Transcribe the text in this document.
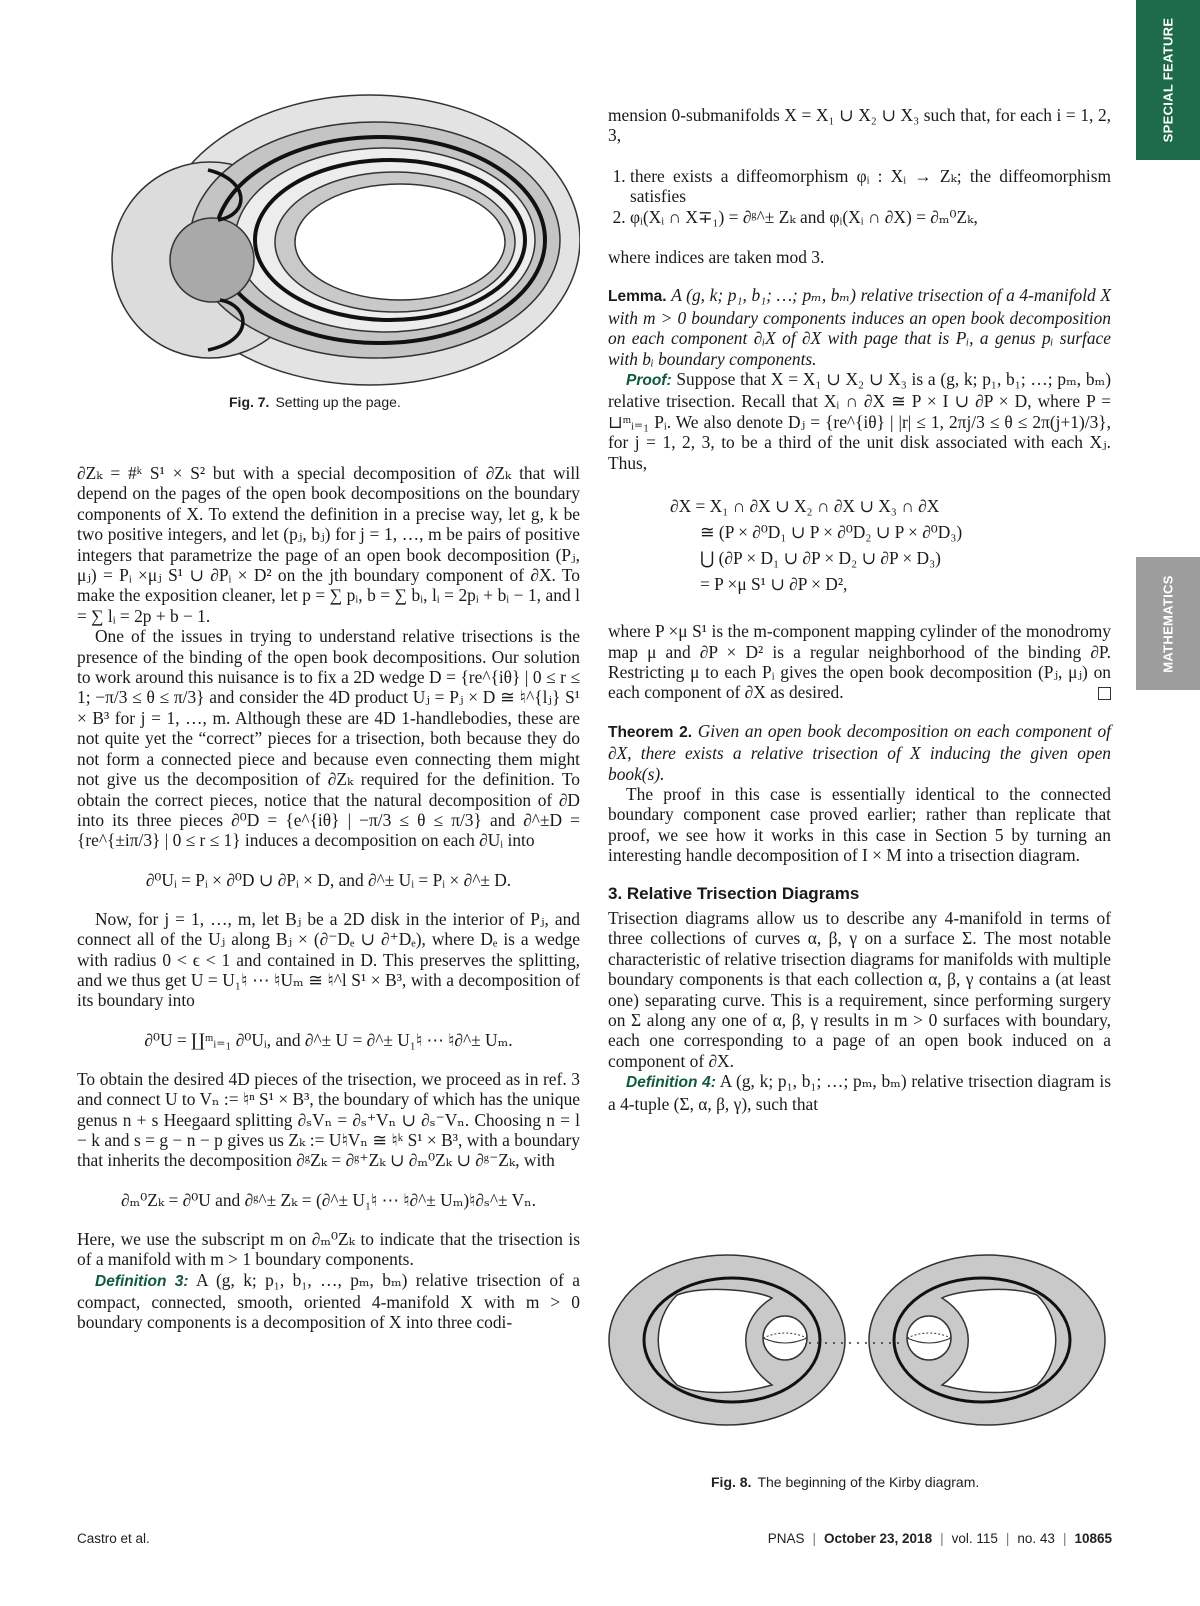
SPECIAL FEATURE
MATHEMATICS
Fig. 7. Setting up the page.

∂Zₖ = #ᵏ S¹ × S² but with a special decomposition of ∂Zₖ that will depend on the pages of the open book decompositions on the boundary components of X. To extend the definition in a precise way, let g, k be two positive integers, and let (pⱼ, bⱼ) for j = 1, …, m be pairs of positive integers that parametrize the page of an open book decomposition (Pⱼ, μⱼ) = Pᵢ ×μⱼ S¹ ∪ ∂Pᵢ × D² on the jth boundary component of ∂X. To make the exposition cleaner, let p = ∑ pᵢ, b = ∑ bᵢ, lᵢ = 2pᵢ + bᵢ − 1, and l = ∑ lᵢ = 2p + b − 1.

One of the issues in trying to understand relative trisections is the presence of the binding of the open book decompositions. Our solution to work around this nuisance is to fix a 2D wedge D = {re^{iθ} | 0 ≤ r ≤ 1; −π/3 ≤ θ ≤ π/3} and consider the 4D product Uⱼ = Pⱼ × D ≅ ♮^{lⱼ} S¹ × B³ for j = 1, …, m. Although these are 4D 1-handlebodies, these are not quite yet the “correct” pieces for a trisection, both because they do not form a connected piece and because even connecting them might not give us the decomposition of ∂Zₖ required for the definition. To obtain the correct pieces, notice that the natural decomposition of ∂D into its three pieces ∂⁰D = {e^{iθ} | −π/3 ≤ θ ≤ π/3} and ∂^±D = {re^{±iπ/3} | 0 ≤ r ≤ 1} induces a decomposition on each ∂Uᵢ into

∂⁰Uᵢ = Pᵢ × ∂⁰D ∪ ∂Pᵢ × D, and ∂^± Uᵢ = Pᵢ × ∂^± D.

Now, for j = 1, …, m, let Bⱼ be a 2D disk in the interior of Pⱼ, and connect all of the Uⱼ along Bⱼ × (∂⁻Dₑ ∪ ∂⁺Dₑ), where Dₑ is a wedge with radius 0 < ϵ < 1 and contained in D. This preserves the splitting, and we thus get U = U₁♮ ⋯ ♮Uₘ ≅ ♮^l S¹ × B³, with a decomposition of its boundary into

∂⁰U = ∐ᵐᵢ₌₁ ∂⁰Uᵢ, and ∂^± U = ∂^± U₁♮ ⋯ ♮∂^± Uₘ.

To obtain the desired 4D pieces of the trisection, we proceed as in ref. 3 and connect U to Vₙ := ♮ⁿ S¹ × B³, the boundary of which has the unique genus n + s Heegaard splitting ∂ₛVₙ = ∂ₛ⁺Vₙ ∪ ∂ₛ⁻Vₙ. Choosing n = l − k and s = g − n − p gives us Zₖ := U♮Vₙ ≅ ♮ᵏ S¹ × B³, with a boundary that inherits the decomposition ∂ᵍZₖ = ∂ᵍ⁺Zₖ ∪ ∂ₘ⁰Zₖ ∪ ∂ᵍ⁻Zₖ, with

∂ₘ⁰Zₖ = ∂⁰U and ∂ᵍ^± Zₖ = (∂^± U₁♮ ⋯ ♮∂^± Uₘ)♮∂ₛ^± Vₙ.

Here, we use the subscript m on ∂ₘ⁰Zₖ to indicate that the trisection is of a manifold with m > 1 boundary components.

Definition 3: A (g, k; p₁, b₁, …, pₘ, bₘ) relative trisection of a compact, connected, smooth, oriented 4-manifold X with m > 0 boundary components is a decomposition of X into three codi-

mension 0-submanifolds X = X₁ ∪ X₂ ∪ X₃ such that, for each i = 1, 2, 3,

1. there exists a diffeomorphism φᵢ : Xᵢ → Zₖ; the diffeomorphism satisfies
2. φᵢ(Xᵢ ∩ X∓₁) = ∂ᵍ^± Zₖ and φᵢ(Xᵢ ∩ ∂X) = ∂ₘ⁰Zₖ,

where indices are taken mod 3.

Lemma. A (g, k; p₁, b₁; …; pₘ, bₘ) relative trisection of a 4-manifold X with m > 0 boundary components induces an open book decomposition on each component ∂ᵢX of ∂X with page that is Pᵢ, a genus pᵢ surface with bᵢ boundary components.

Proof: Suppose that X = X₁ ∪ X₂ ∪ X₃ is a (g, k; p₁, b₁; …; pₘ, bₘ) relative trisection. Recall that Xᵢ ∩ ∂X ≅ P × I ∪ ∂P × D, where P = ⊔ᵐᵢ₌₁ Pᵢ. We also denote Dⱼ = {re^{iθ} | |r| ≤ 1, 2πj/3 ≤ θ ≤ 2π(j+1)/3}, for j = 1, 2, 3, to be a third of the unit disk associated with each Xⱼ. Thus,

∂X = X₁ ∩ ∂X ∪ X₂ ∩ ∂X ∪ X₃ ∩ ∂X
≅ (P × ∂⁰D₁ ∪ P × ∂⁰D₂ ∪ P × ∂⁰D₃)
⋃ (∂P × D₁ ∪ ∂P × D₂ ∪ ∂P × D₃)
= P ×μ S¹ ∪ ∂P × D²,

where P ×μ S¹ is the m-component mapping cylinder of the monodromy map μ and ∂P × D² is a regular neighborhood of the binding ∂P. Restricting μ to each Pᵢ gives the open book decomposition (Pⱼ, μⱼ) on each component of ∂X as desired.

Theorem 2. Given an open book decomposition on each component of ∂X, there exists a relative trisection of X inducing the given open book(s).

The proof in this case is essentially identical to the connected boundary component case proved earlier; rather than replicate that proof, we see how it works in this case in Section 5 by turning an interesting handle decomposition of I × M into a trisection diagram.

3. Relative Trisection Diagrams

Trisection diagrams allow us to describe any 4-manifold in terms of three collections of curves α, β, γ on a surface Σ. The most notable characteristic of relative trisection diagrams for manifolds with multiple boundary components is that each collection α, β, γ contains a (at least one) separating curve. This is a requirement, since performing surgery on Σ along any one of α, β, γ results in m > 0 surfaces with boundary, each one corresponding to a page of an open book induced on a component of ∂X.

Definition 4: A (g, k; p₁, b₁; …; pₘ, bₘ) relative trisection diagram is a 4-tuple (Σ, α, β, γ), such that

Fig. 8. The beginning of the Kirby diagram.
Castro et al.	PNAS | October 23, 2018 | vol. 115 | no. 43 | 10865
